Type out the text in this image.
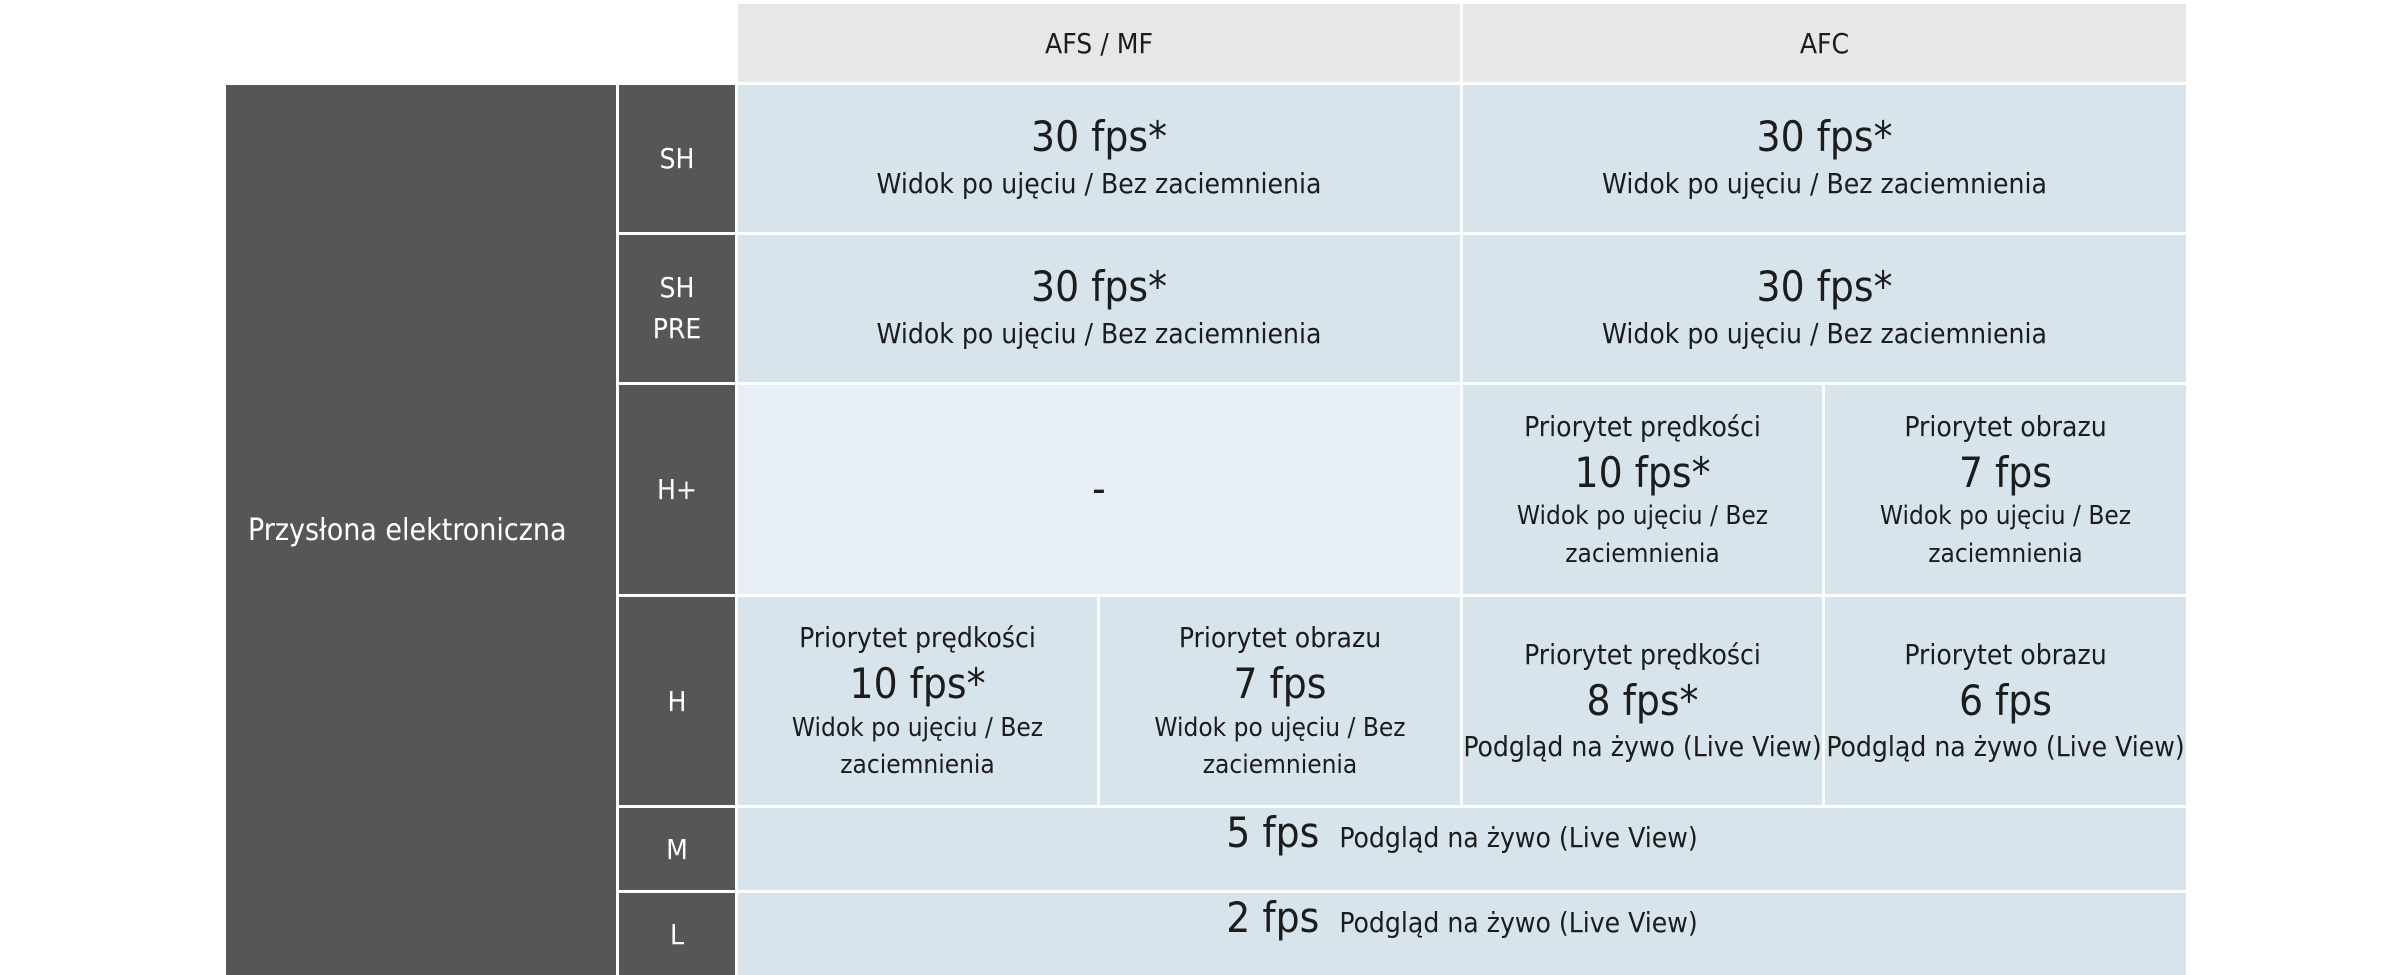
AFS / MF	AFC
Przysłona elektroniczna
SH
SH
PRE
H+
H
M
L
30 fps*
Widok po ujęciu / Bez zaciemnienia
30 fps*
Widok po ujęciu / Bez zaciemnienia
30 fps*
Widok po ujęciu / Bez zaciemnienia
30 fps*
Widok po ujęciu / Bez zaciemnienia
-
Priorytet prędkości
10 fps*
Widok po ujęciu / Bez zaciemnienia
Priorytet obrazu
7 fps
Widok po ujęciu / Bez zaciemnienia
Priorytet prędkości
10 fps*
Widok po ujęciu / Bez zaciemnienia
Priorytet obrazu
7 fps
Widok po ujęciu / Bez zaciemnienia
Priorytet prędkości
8 fps*
Podgląd na żywo (Live View)
Priorytet obrazu
6 fps
Podgląd na żywo (Live View)
5 fps Podgląd na żywo (Live View)
2 fps Podgląd na żywo (Live View)
